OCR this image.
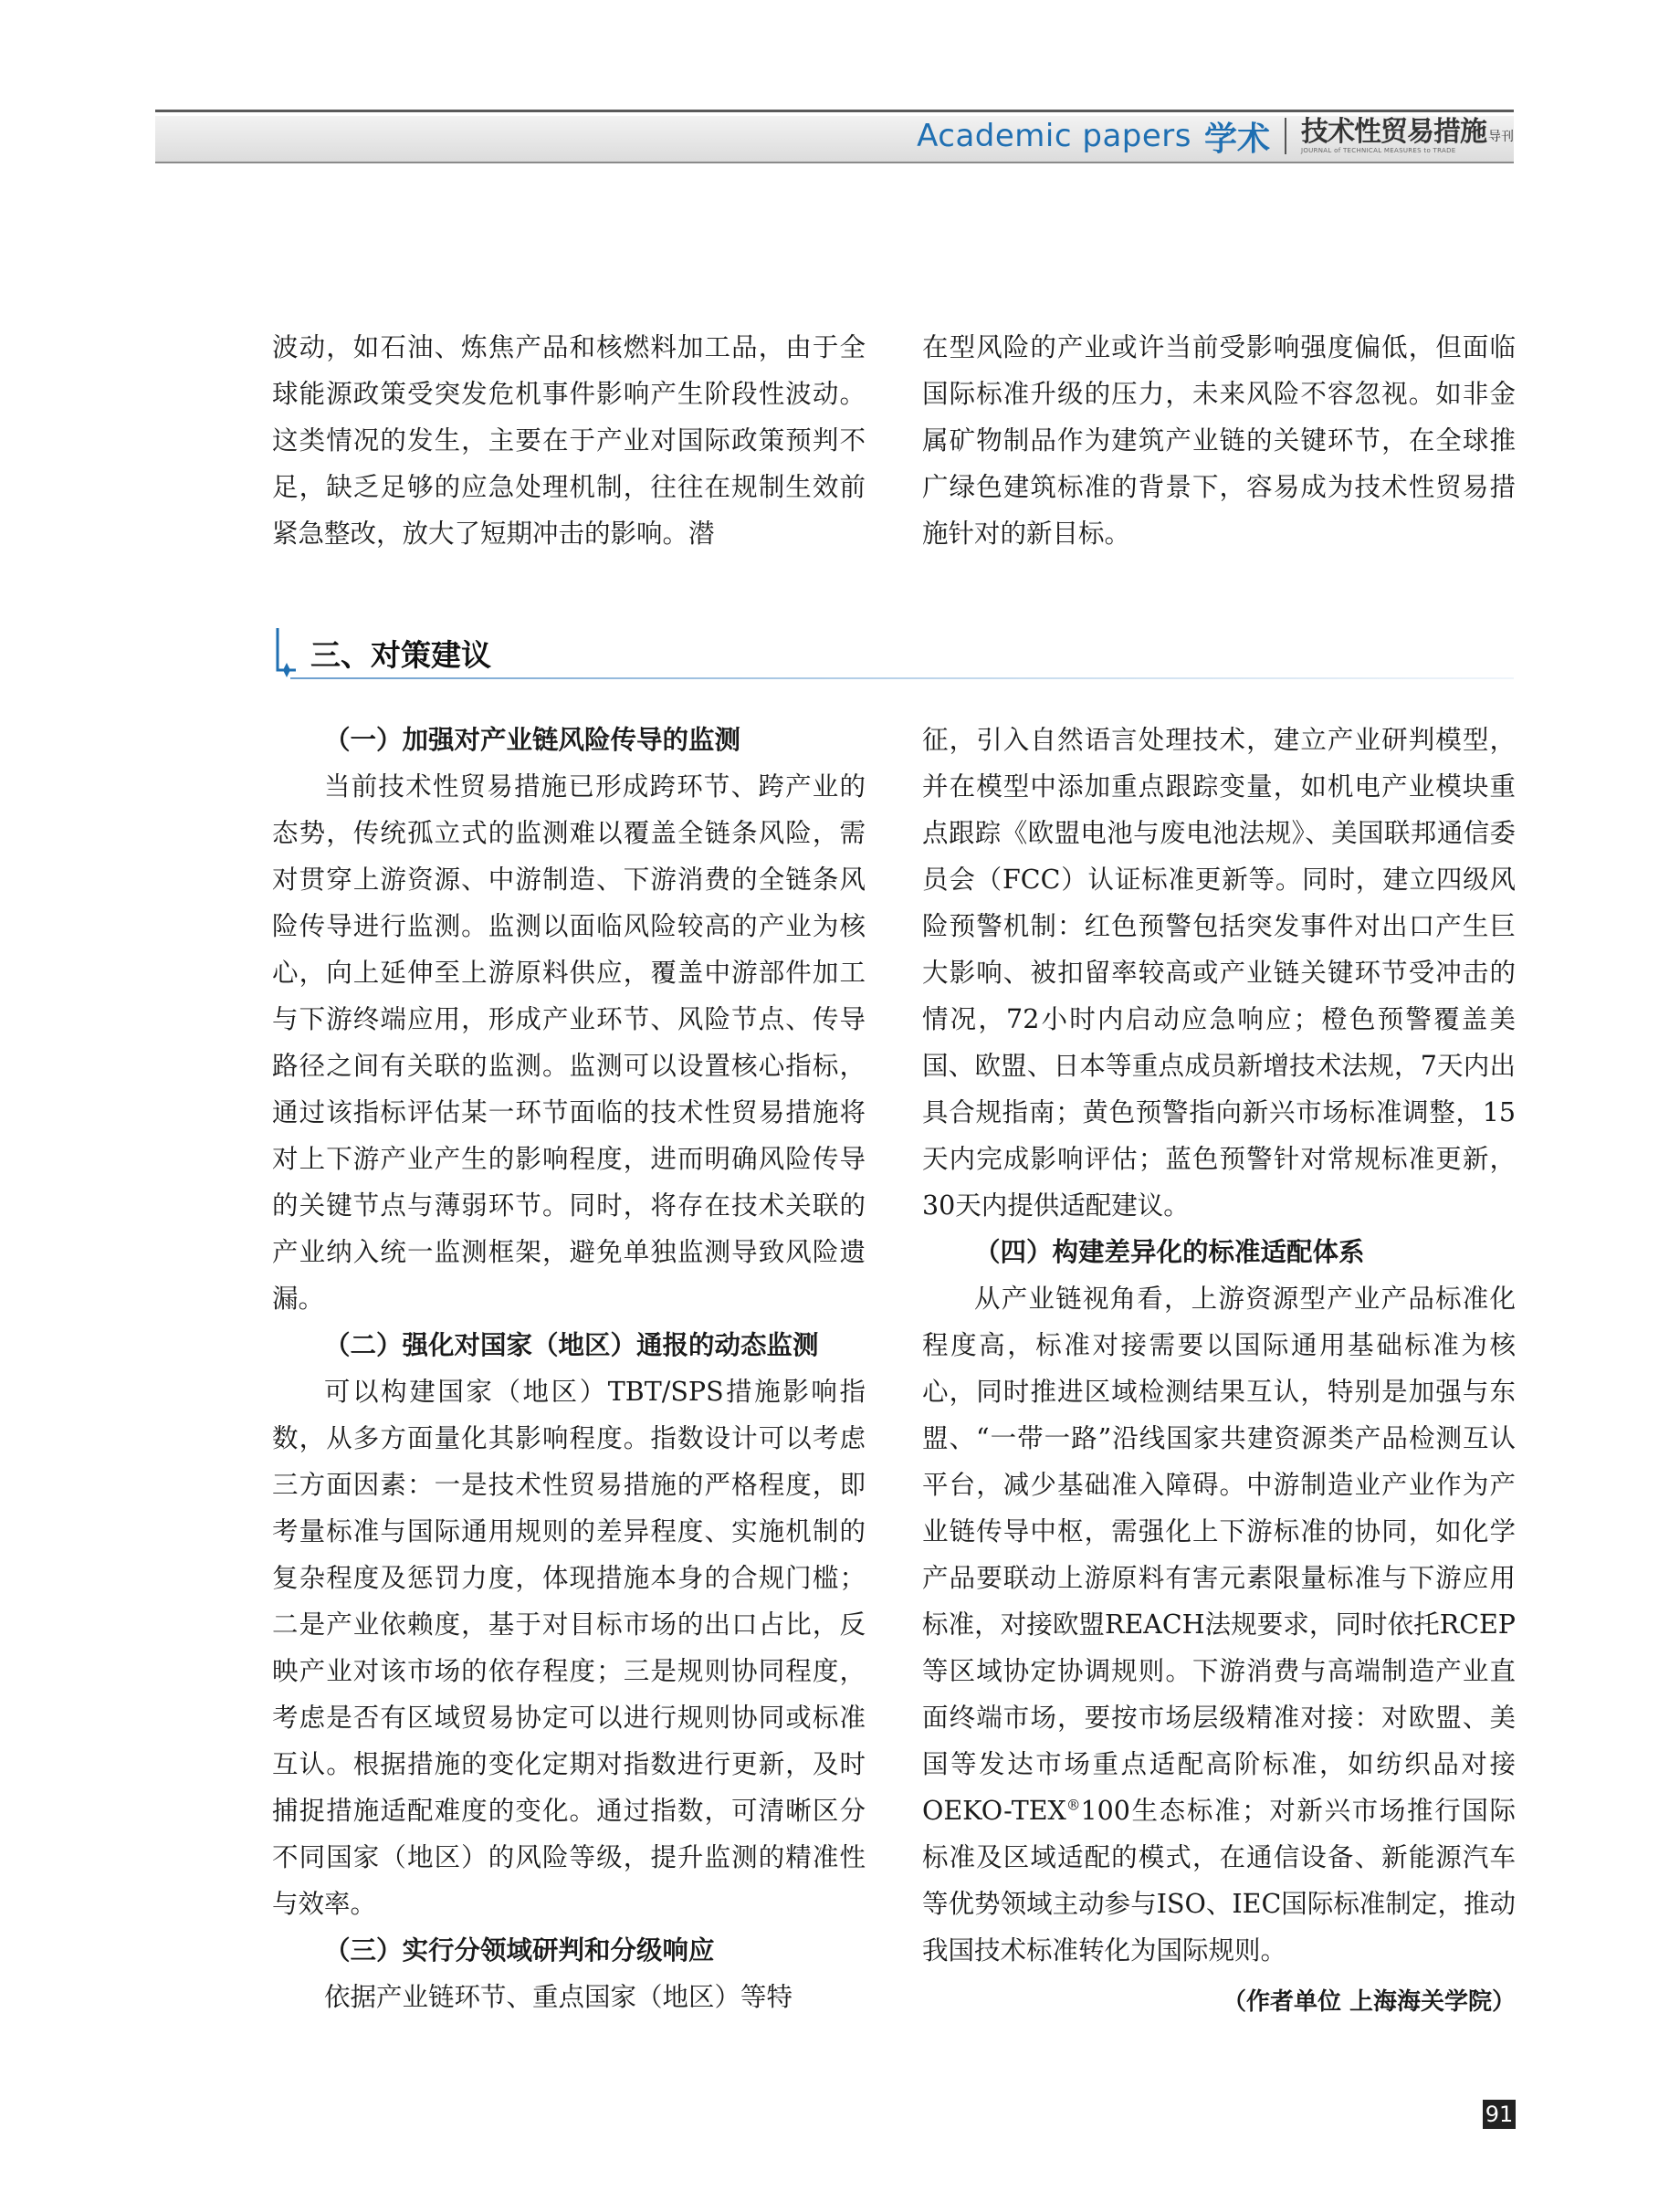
Academic papers 学术 技术性贸易措施
JOURNAL of TECHNICAL MEASURES to TRADE
导刊

波动，如石油、炼焦产品和核燃料加工品，由于全球能源政策受突发危机事件影响产生阶段性波动。这类情况的发生，主要在于产业对国际政策预判不足，缺乏足够的应急处理机制，往往在规制生效前紧急整改，放大了短期冲击的影响。潜

在型风险的产业或许当前受影响强度偏低，但面临国际标准升级的压力，未来风险不容忽视。如非金属矿物制品作为建筑产业链的关键环节，在全球推广绿色建筑标准的背景下，容易成为技术性贸易措施针对的新目标。

三、对策建议

（一）加强对产业链风险传导的监测

当前技术性贸易措施已形成跨环节、跨产业的态势，传统孤立式的监测难以覆盖全链条风险，需对贯穿上游资源、中游制造、下游消费的全链条风险传导进行监测。监测以面临风险较高的产业为核心，向上延伸至上游原料供应，覆盖中游部件加工与下游终端应用，形成产业环节、风险节点、传导路径之间有关联的监测。监测可以设置核心指标，通过该指标评估某一环节面临的技术性贸易措施将对上下游产业产生的影响程度，进而明确风险传导的关键节点与薄弱环节。同时，将存在技术关联的产业纳入统一监测框架，避免单独监测导致风险遗漏。

（二）强化对国家（地区）通报的动态监测

可以构建国家（地区）TBT/SPS措施影响指数，从多方面量化其影响程度。指数设计可以考虑三方面因素：一是技术性贸易措施的严格程度，即考量标准与国际通用规则的差异程度、实施机制的复杂程度及惩罚力度，体现措施本身的合规门槛；二是产业依赖度，基于对目标市场的出口占比，反映产业对该市场的依存程度；三是规则协同程度，考虑是否有区域贸易协定可以进行规则协同或标准互认。根据措施的变化定期对指数进行更新，及时捕捉措施适配难度的变化。通过指数，可清晰区分不同国家（地区）的风险等级，提升监测的精准性与效率。

（三）实行分领域研判和分级响应

依据产业链环节、重点国家（地区）等特

征，引入自然语言处理技术，建立产业研判模型，并在模型中添加重点跟踪变量，如机电产业模块重点跟踪《欧盟电池与废电池法规》、美国联邦通信委员会（FCC）认证标准更新等。同时，建立四级风险预警机制：红色预警包括突发事件对出口产生巨大影响、被扣留率较高或产业链关键环节受冲击的情况，72小时内启动应急响应；橙色预警覆盖美国、欧盟、日本等重点成员新增技术法规，7天内出具合规指南；黄色预警指向新兴市场标准调整，15天内完成影响评估；蓝色预警针对常规标准更新，30天内提供适配建议。

（四）构建差异化的标准适配体系

从产业链视角看，上游资源型产业产品标准化程度高，标准对接需要以国际通用基础标准为核心，同时推进区域检测结果互认，特别是加强与东盟、“一带一路”沿线国家共建资源类产品检测互认平台，减少基础准入障碍。中游制造业产业作为产业链传导中枢，需强化上下游标准的协同，如化学产品要联动上游原料有害元素限量标准与下游应用标准，对接欧盟REACH法规要求，同时依托RCEP等区域协定协调规则。下游消费与高端制造产业直面终端市场，要按市场层级精准对接：对欧盟、美国等发达市场重点适配高阶标准，如纺织品对接OEKO-TEX®100生态标准；对新兴市场推行国际标准及区域适配的模式，在通信设备、新能源汽车等优势领域主动参与ISO、IEC国际标准制定，推动我国技术标准转化为国际规则。

（作者单位 上海海关学院）

91
